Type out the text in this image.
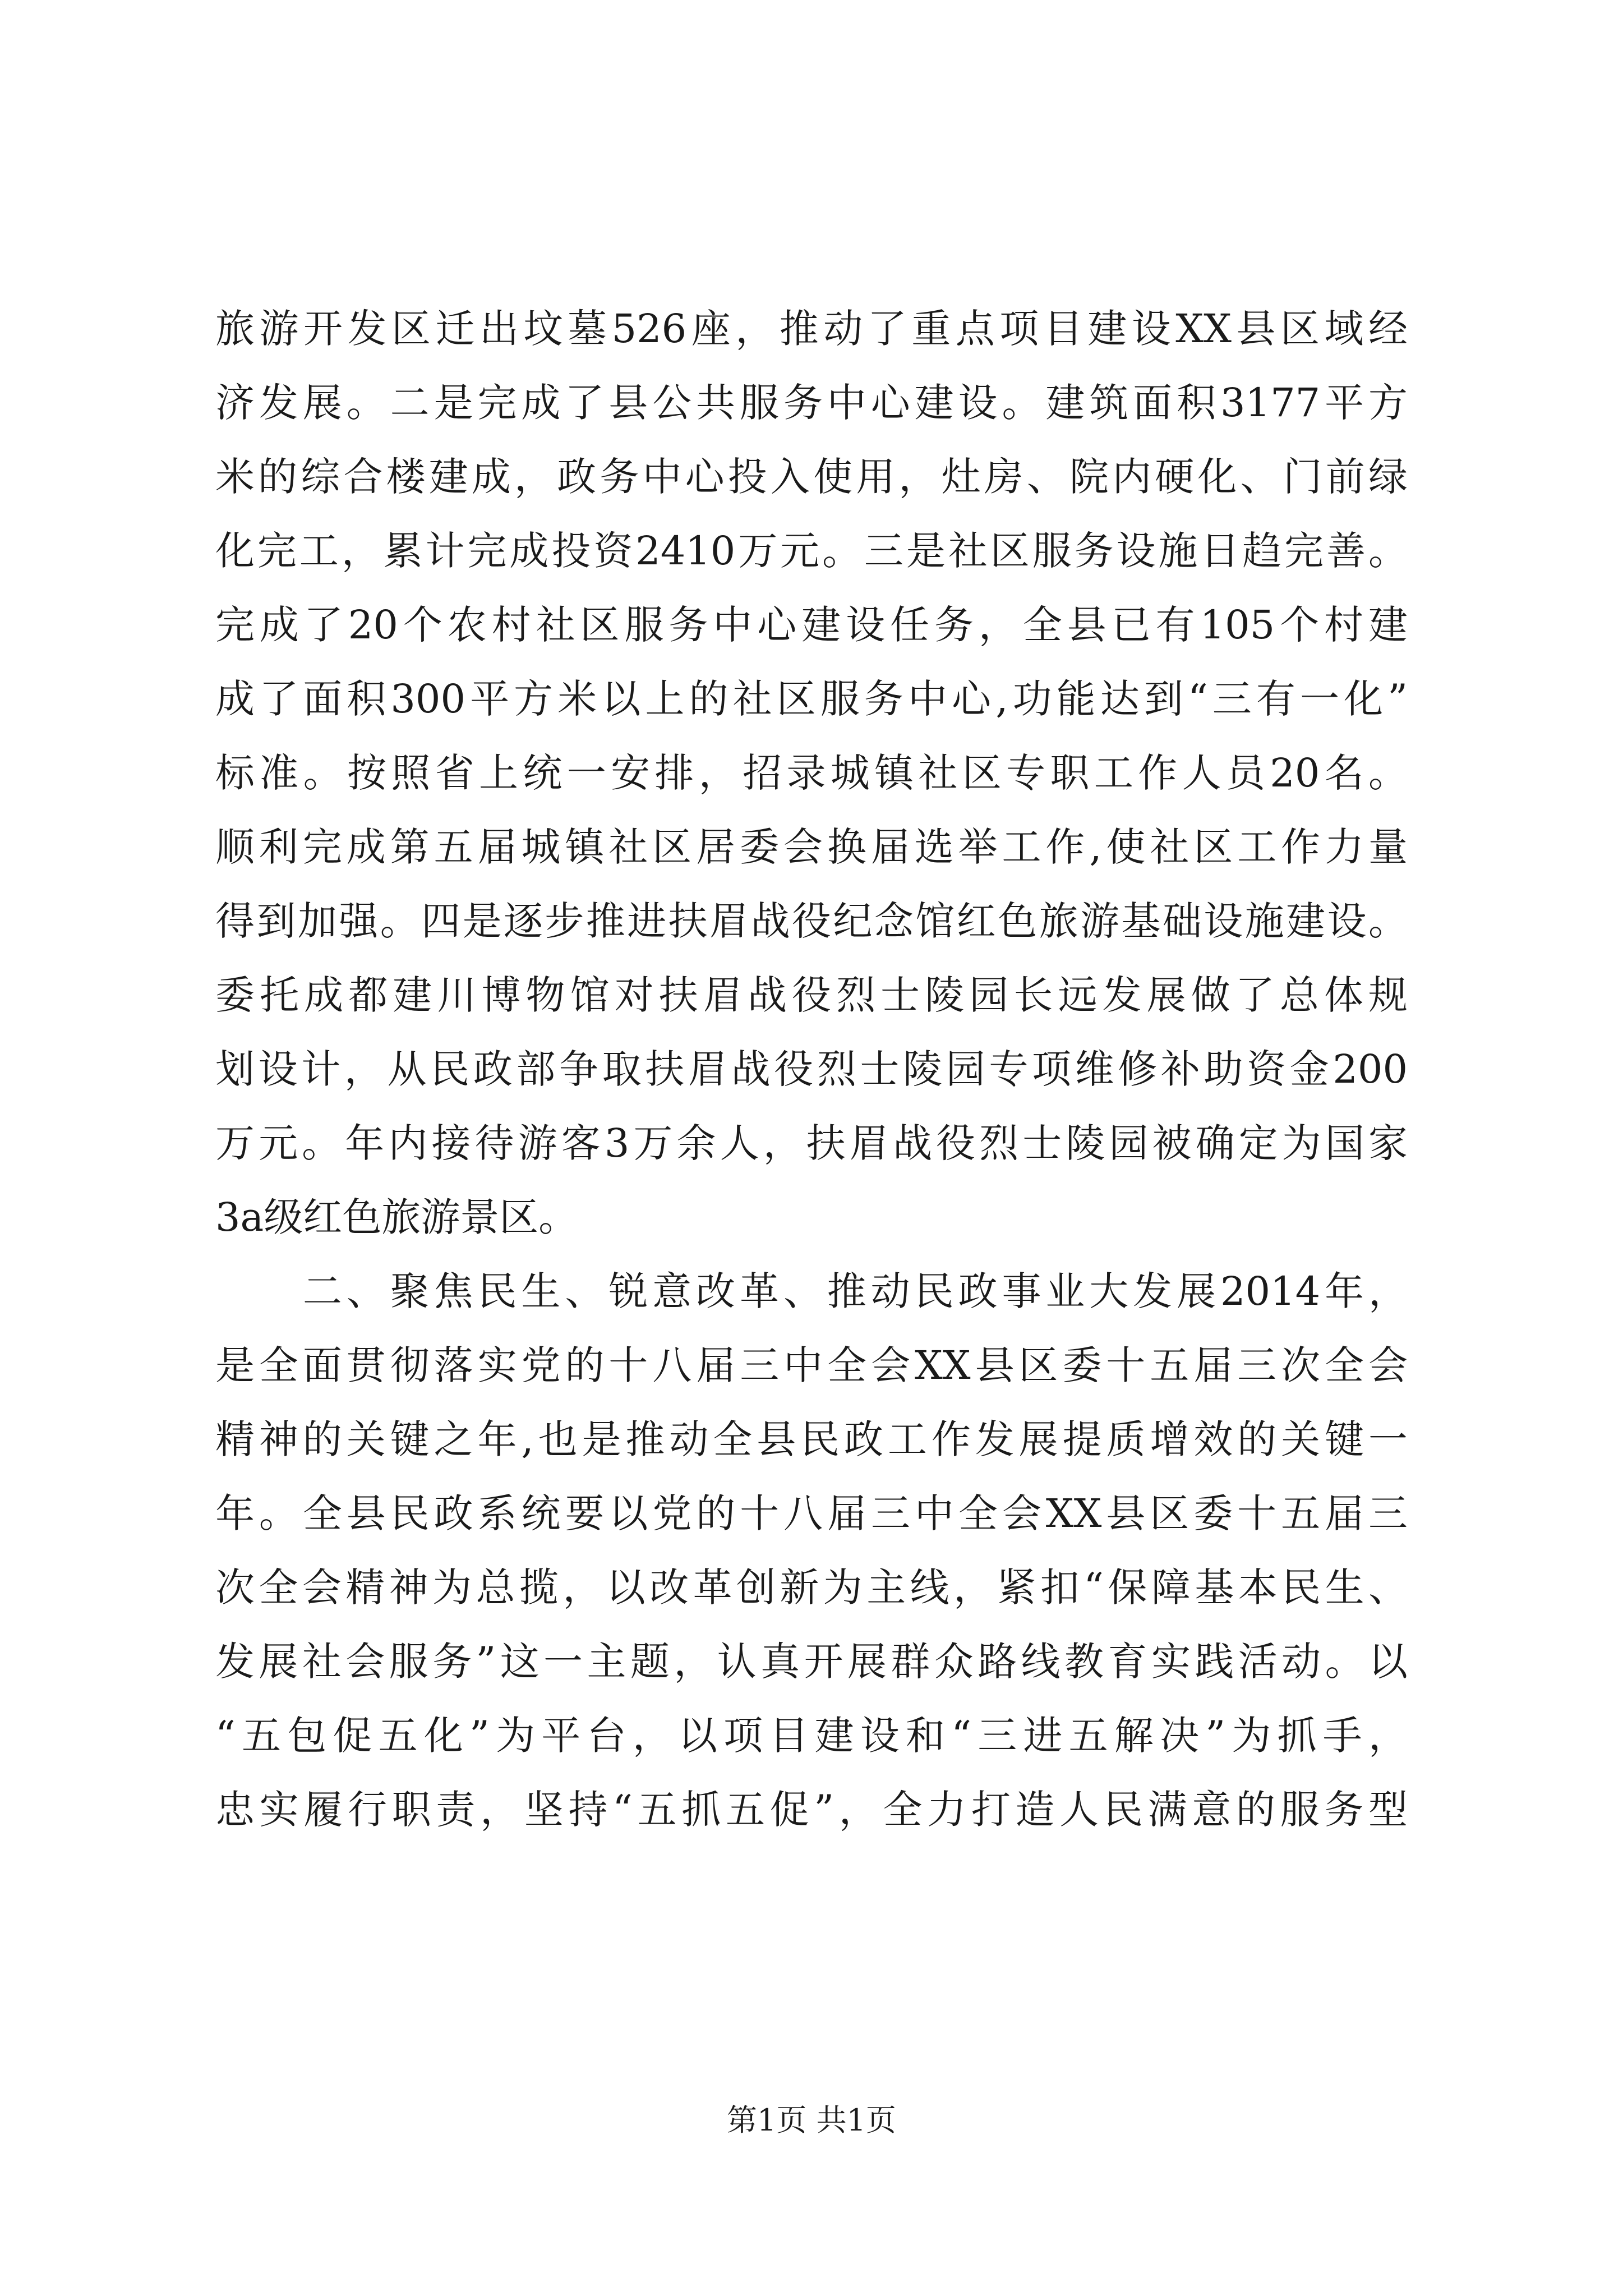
旅游开发区迁出坟墓526座，推动了重点项目建设XX县区域经
济发展。二是完成了县公共服务中心建设。建筑面积3177平方
米的综合楼建成，政务中心投入使用，灶房、院内硬化、门前绿
化完工，累计完成投资2410万元。三是社区服务设施日趋完善。
完成了20个农村社区服务中心建设任务，全县已有105个村建
成了面积300平方米以上的社区服务中心,功能达到“三有一化”
标准。按照省上统一安排，招录城镇社区专职工作人员20名。
顺利完成第五届城镇社区居委会换届选举工作,使社区工作力量
得到加强。四是逐步推进扶眉战役纪念馆红色旅游基础设施建设。
委托成都建川博物馆对扶眉战役烈士陵园长远发展做了总体规
划设计，从民政部争取扶眉战役烈士陵园专项维修补助资金200
万元。年内接待游客3万余人，扶眉战役烈士陵园被确定为国家
3a级红色旅游景区。
　　二、聚焦民生、锐意改革、推动民政事业大发展2014年，
是全面贯彻落实党的十八届三中全会XX县区委十五届三次全会
精神的关键之年,也是推动全县民政工作发展提质增效的关键一
年。全县民政系统要以党的十八届三中全会XX县区委十五届三
次全会精神为总揽，以改革创新为主线，紧扣“保障基本民生、
发展社会服务”这一主题，认真开展群众路线教育实践活动。以
“五包促五化”为平台，以项目建设和“三进五解决”为抓手，
忠实履行职责，坚持“五抓五促”，全力打造人民满意的服务型
第1页 共1页
